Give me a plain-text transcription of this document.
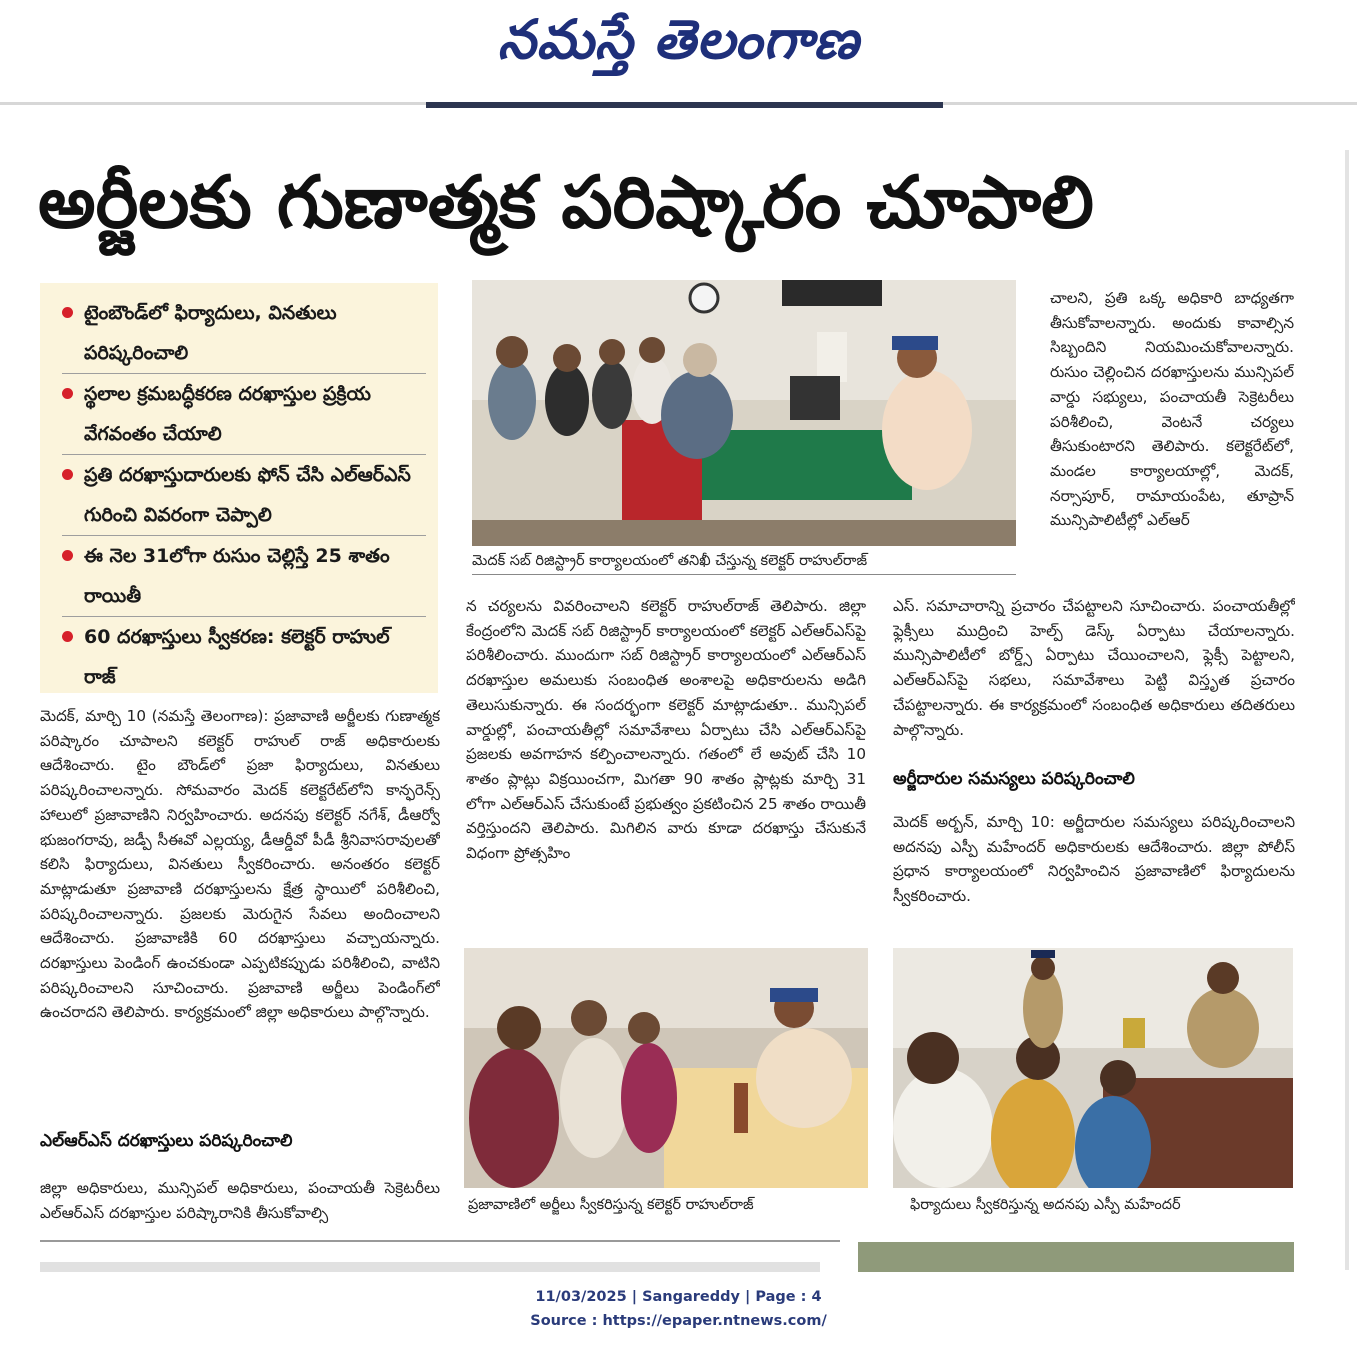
నమస్తే తెలంగాణ
అర్జీలకు గుణాత్మక పరిష్కారం చూపాలి
టైంబౌండ్‌లో ఫిర్యాదులు, వినతులు పరిష్కరించాలి
స్థలాల క్రమబద్ధీకరణ దరఖాస్తుల ప్రక్రియ వేగవంతం చేయాలి
ప్రతి దరఖాస్తుదారులకు ఫోన్ చేసి ఎల్‌ఆర్ఎస్ గురించి వివరంగా చెప్పాలి
ఈ నెల 31లోగా రుసుం చెల్లిస్తే 25 శాతం రాయితీ
60 దరఖాస్తులు స్వీకరణ: కలెక్టర్ రాహుల్ రాజ్
మెదక్, మార్చి 10 (నమస్తే తెలంగాణ): ప్రజావాణి అర్జీలకు గుణాత్మక పరిష్కారం చూపాలని కలెక్టర్ రాహుల్ రాజ్ అధికారులకు ఆదేశించారు. టైం బౌండ్‌లో ప్రజా ఫిర్యాదులు, వినతులు పరిష్కరించాలన్నారు. సోమవారం మెదక్ కలెక్టరేట్‌లోని కాన్ఫరెన్స్ హాలులో ప్రజావాణిని నిర్వహించారు. అదనపు కలెక్టర్ నగేశ్, డీఆర్వో భుజంగరావు, జడ్పీ సీఈవో ఎల్లయ్య, డీఆర్డీవో పీడీ శ్రీనివాసరావులతో కలిసి ఫిర్యాదులు, వినతులు స్వీకరించారు. అనంతరం కలెక్టర్ మాట్లాడుతూ ప్రజావాణి దరఖాస్తులను క్షేత్ర స్థాయిలో పరిశీలించి, పరిష్కరించాలన్నారు. ప్రజలకు మెరుగైన సేవలు అందించాలని ఆదేశించారు. ప్రజావాణికి 60 దరఖాస్తులు వచ్చాయన్నారు. దరఖాస్తులు పెండింగ్ ఉంచకుండా ఎప్పటికప్పుడు పరిశీలించి, వాటిని పరిష్కరించాలని సూచించారు. ప్రజావాణి అర్జీలు పెండింగ్‌లో ఉంచరాదని తెలిపారు. కార్యక్రమంలో జిల్లా అధికారులు పాల్గొన్నారు.
ఎల్‌ఆర్ఎస్ దరఖాస్తులు పరిష్కరించాలి
జిల్లా అధికారులు, మున్సిపల్ అధికారులు, పంచాయతీ సెక్రెటరీలు ఎల్‌ఆర్ఎస్ దరఖాస్తుల పరిష్కారానికి తీసుకోవాల్సి
మెదక్ సబ్ రిజిస్ట్రార్ కార్యాలయంలో తనిఖీ చేస్తున్న కలెక్టర్ రాహుల్‌రాజ్
న చర్యలను వివరించాలని కలెక్టర్ రాహుల్‌రాజ్ తెలిపారు. జిల్లా కేంద్రంలోని మెదక్ సబ్ రిజిస్ట్రార్ కార్యాలయంలో కలెక్టర్ ఎల్‌ఆర్ఎస్‌పై పరిశీలించారు. ముందుగా సబ్ రిజిస్ట్రార్ కార్యాలయంలో ఎల్‌ఆర్ఎస్ దరఖాస్తుల అమలుకు సంబంధిత అంశాలపై అధికారులను అడిగి తెలుసుకున్నారు. ఈ సందర్భంగా కలెక్టర్ మాట్లాడుతూ.. మున్సిపల్ వార్డుల్లో, పంచాయతీల్లో సమావేశాలు ఏర్పాటు చేసి ఎల్‌ఆర్ఎస్‌పై ప్రజలకు అవగాహన కల్పించాలన్నారు. గతంలో లే అవుట్ చేసి 10 శాతం ప్లాట్లు విక్రయించగా, మిగతా 90 శాతం ప్లాట్లకు మార్చి 31 లోగా ఎల్‌ఆర్ఎస్ చేసుకుంటే ప్రభుత్వం ప్రకటించిన 25 శాతం రాయితీ వర్తిస్తుందని తెలిపారు. మిగిలిన వారు కూడా దరఖాస్తు చేసుకునే విధంగా ప్రోత్సహిం
చాలని, ప్రతి ఒక్క అధికారి బాధ్యతగా తీసుకోవాలన్నారు. అందుకు కావాల్సిన సిబ్బందిని నియమించుకోవాలన్నారు. రుసుం చెల్లించిన దరఖాస్తులను మున్సిపల్ వార్డు సభ్యులు, పంచాయతీ సెక్రెటరీలు పరిశీలించి, వెంటనే చర్యలు తీసుకుంటారని తెలిపారు. కలెక్టరేట్‌లో, మండల కార్యాలయాల్లో, మెదక్, నర్సాపూర్, రామాయంపేట, తూప్రాన్ మున్సిపాలిటీల్లో ఎల్‌ఆర్
ఎస్. సమాచారాన్ని ప్రచారం చేపట్టాలని సూచించారు. పంచాయతీల్లో ఫ్లెక్సీలు ముద్రించి హెల్ప్ డెస్క్ ఏర్పాటు చేయాలన్నారు. మున్సిపాలిటీలో బోర్డ్స్ ఏర్పాటు చేయించాలని, ఫ్లెక్సీ పెట్టాలని, ఎల్‌ఆర్ఎస్‌పై సభలు, సమావేశాలు పెట్టి విస్తృత ప్రచారం చేపట్టాలన్నారు. ఈ కార్యక్రమంలో సంబంధిత అధికారులు తదితరులు పాల్గొన్నారు.
అర్జీదారుల సమస్యలు పరిష్కరించాలి
మెదక్ అర్బన్, మార్చి 10: అర్జీదారుల సమస్యలు పరిష్కరించాలని అదనపు ఎస్పీ మహేందర్ అధికారులకు ఆదేశించారు. జిల్లా పోలీస్ ప్రధాన కార్యాలయంలో నిర్వహించిన ప్రజావాణిలో ఫిర్యాదులను స్వీకరించారు.
ప్రజావాణిలో అర్జీలు స్వీకరిస్తున్న కలెక్టర్ రాహుల్‌రాజ్	ఫిర్యాదులు స్వీకరిస్తున్న అదనపు ఎస్పీ మహేందర్
11/03/2025 | Sangareddy | Page : 4
Source : https://epaper.ntnews.com/
